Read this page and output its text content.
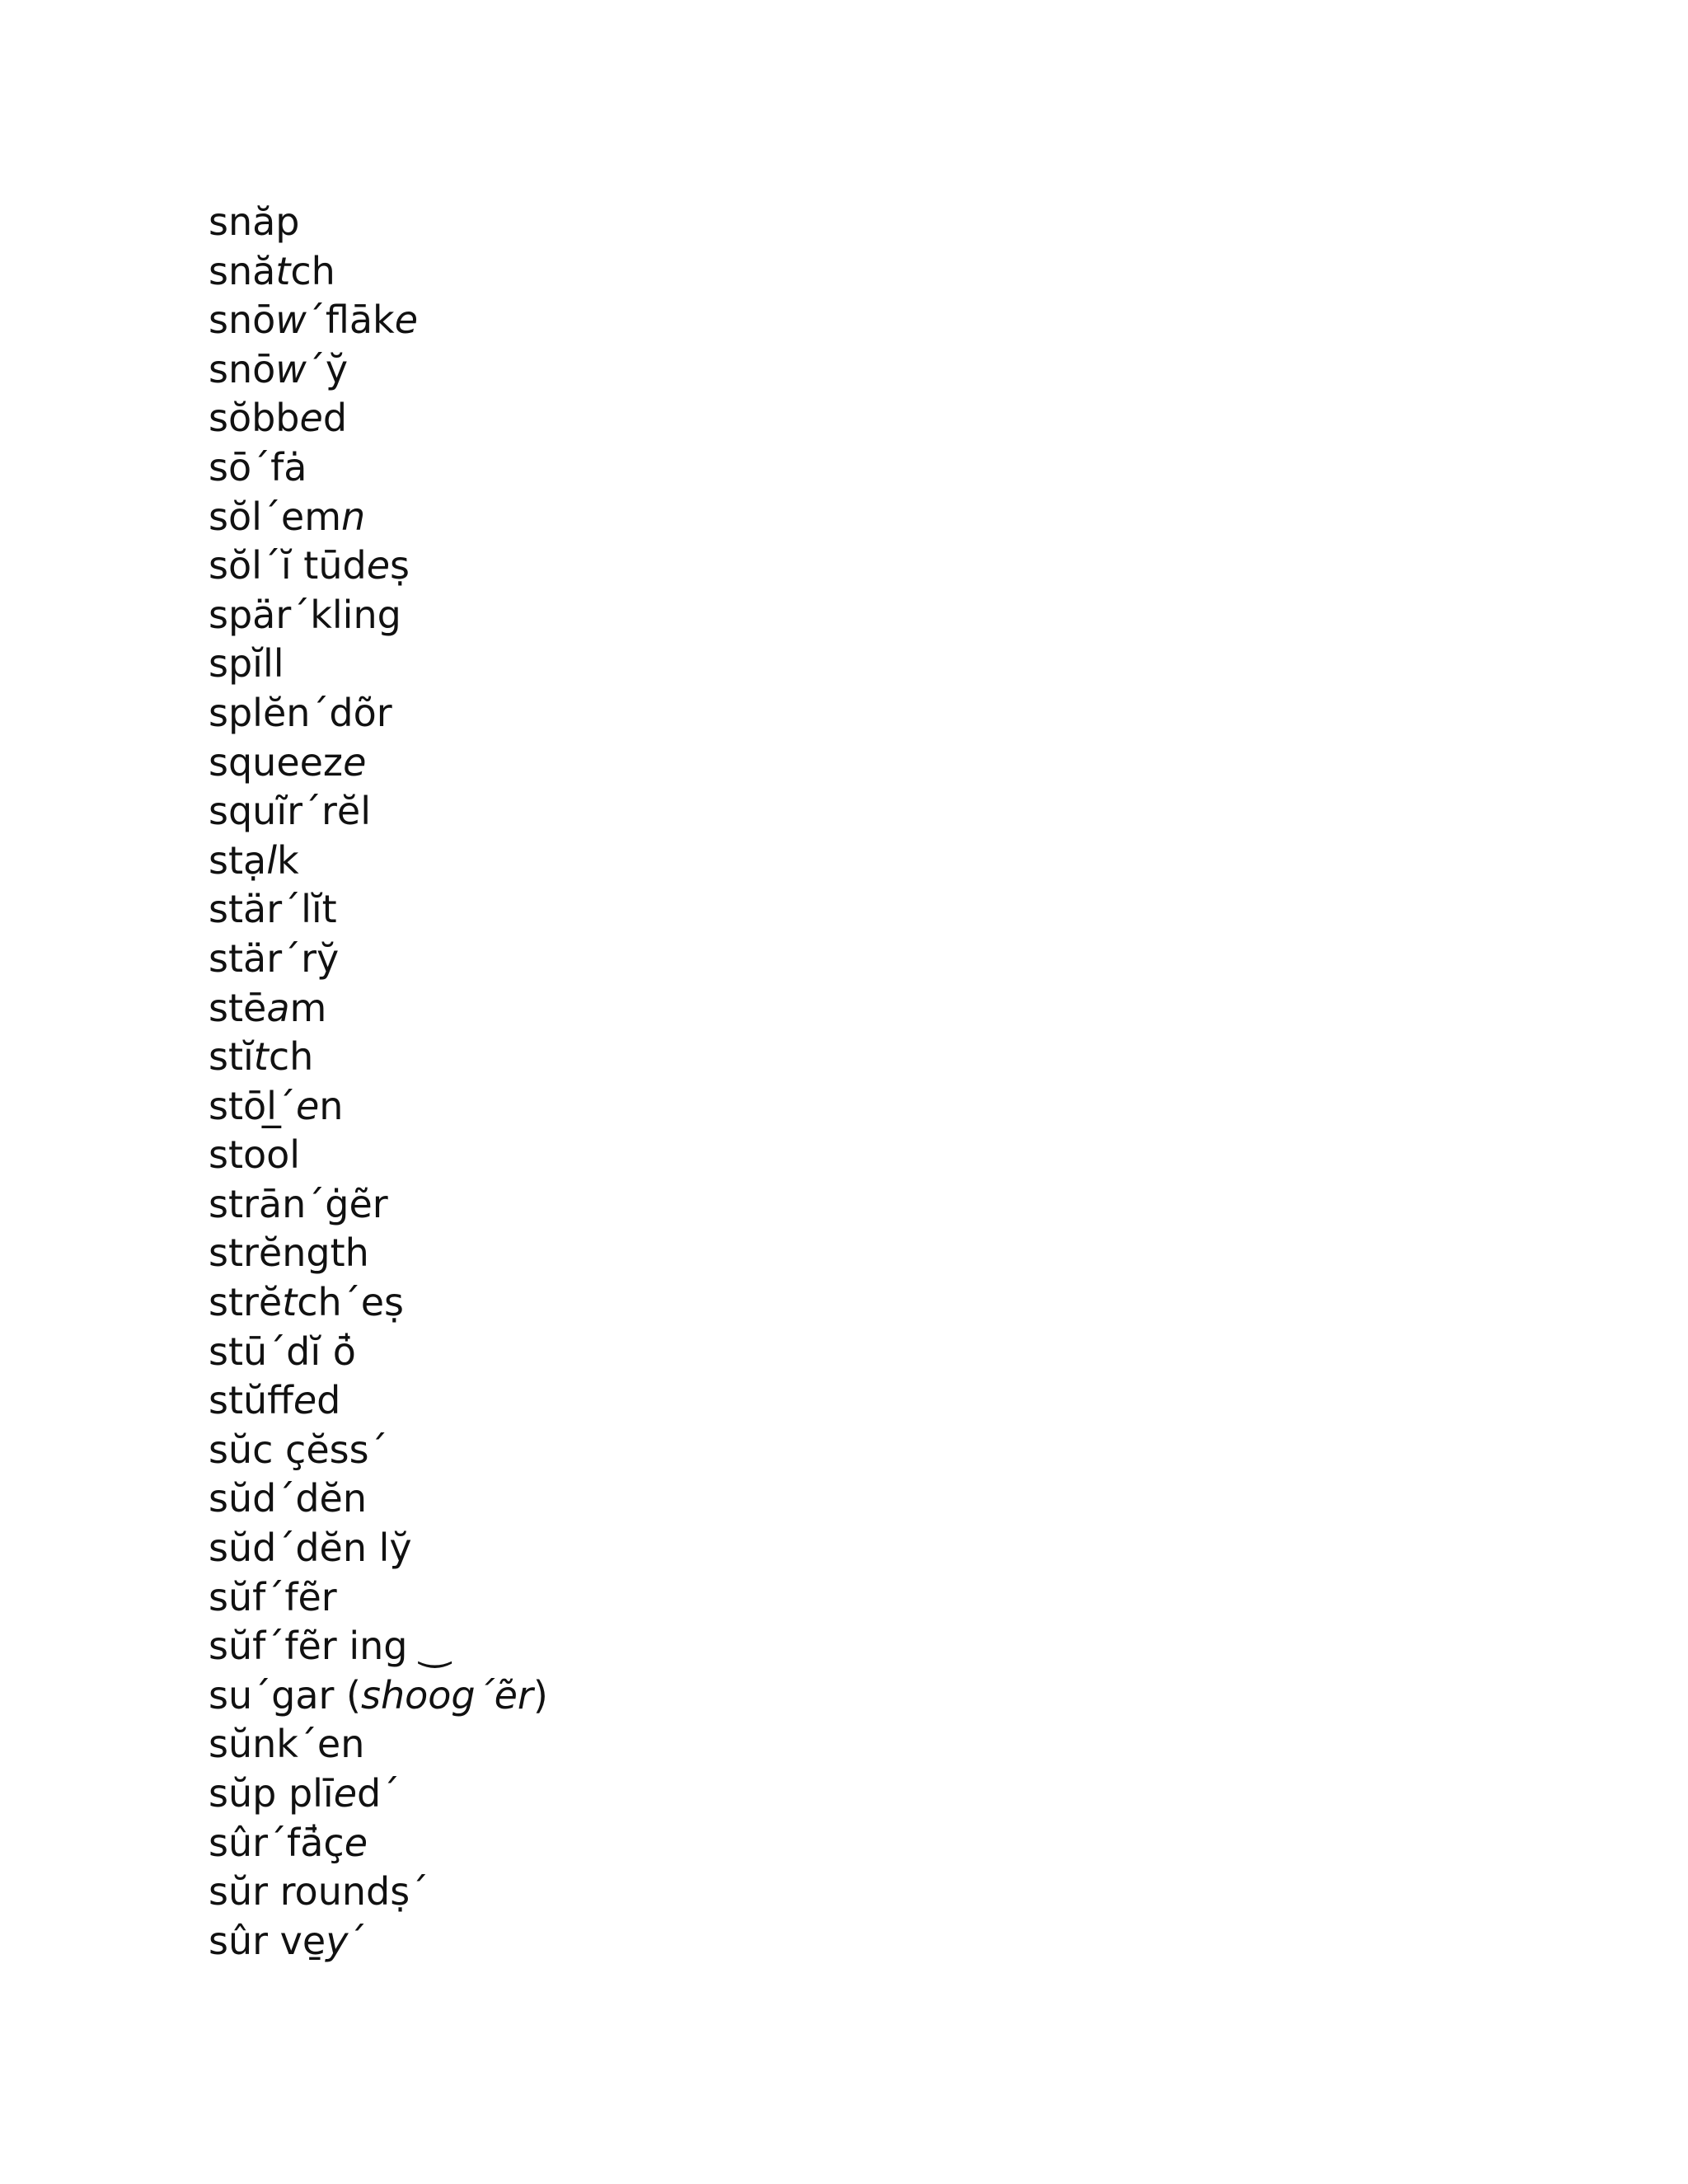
snăp
snătch
snōw´flāke
snōw´y̆
sŏbbed
sō´fȧ
sŏl´emn
sŏl´ĭ tūdeṣ
spär´kling
spĭll
splĕn´dõr
squeeze
squĩr´rĕl
stạlk
stär´lĭt
stär´ry̆
stēam
stĭtch
stōl̲´en
stool
strān´ġẽr
strĕngth
strĕtch´eṣ
stū´dĭ ō̍
stŭffed
sŭc çĕss´
sŭd´dĕn
sŭd´dĕn ly̆
sŭf´fẽr
sŭf´fẽr ing ‿
su´gar (shoog´ẽr)
sŭnk´en
sŭp plīed´
sûr´fā̍çe
sŭr roundṣ´
sûr ve̱y´
